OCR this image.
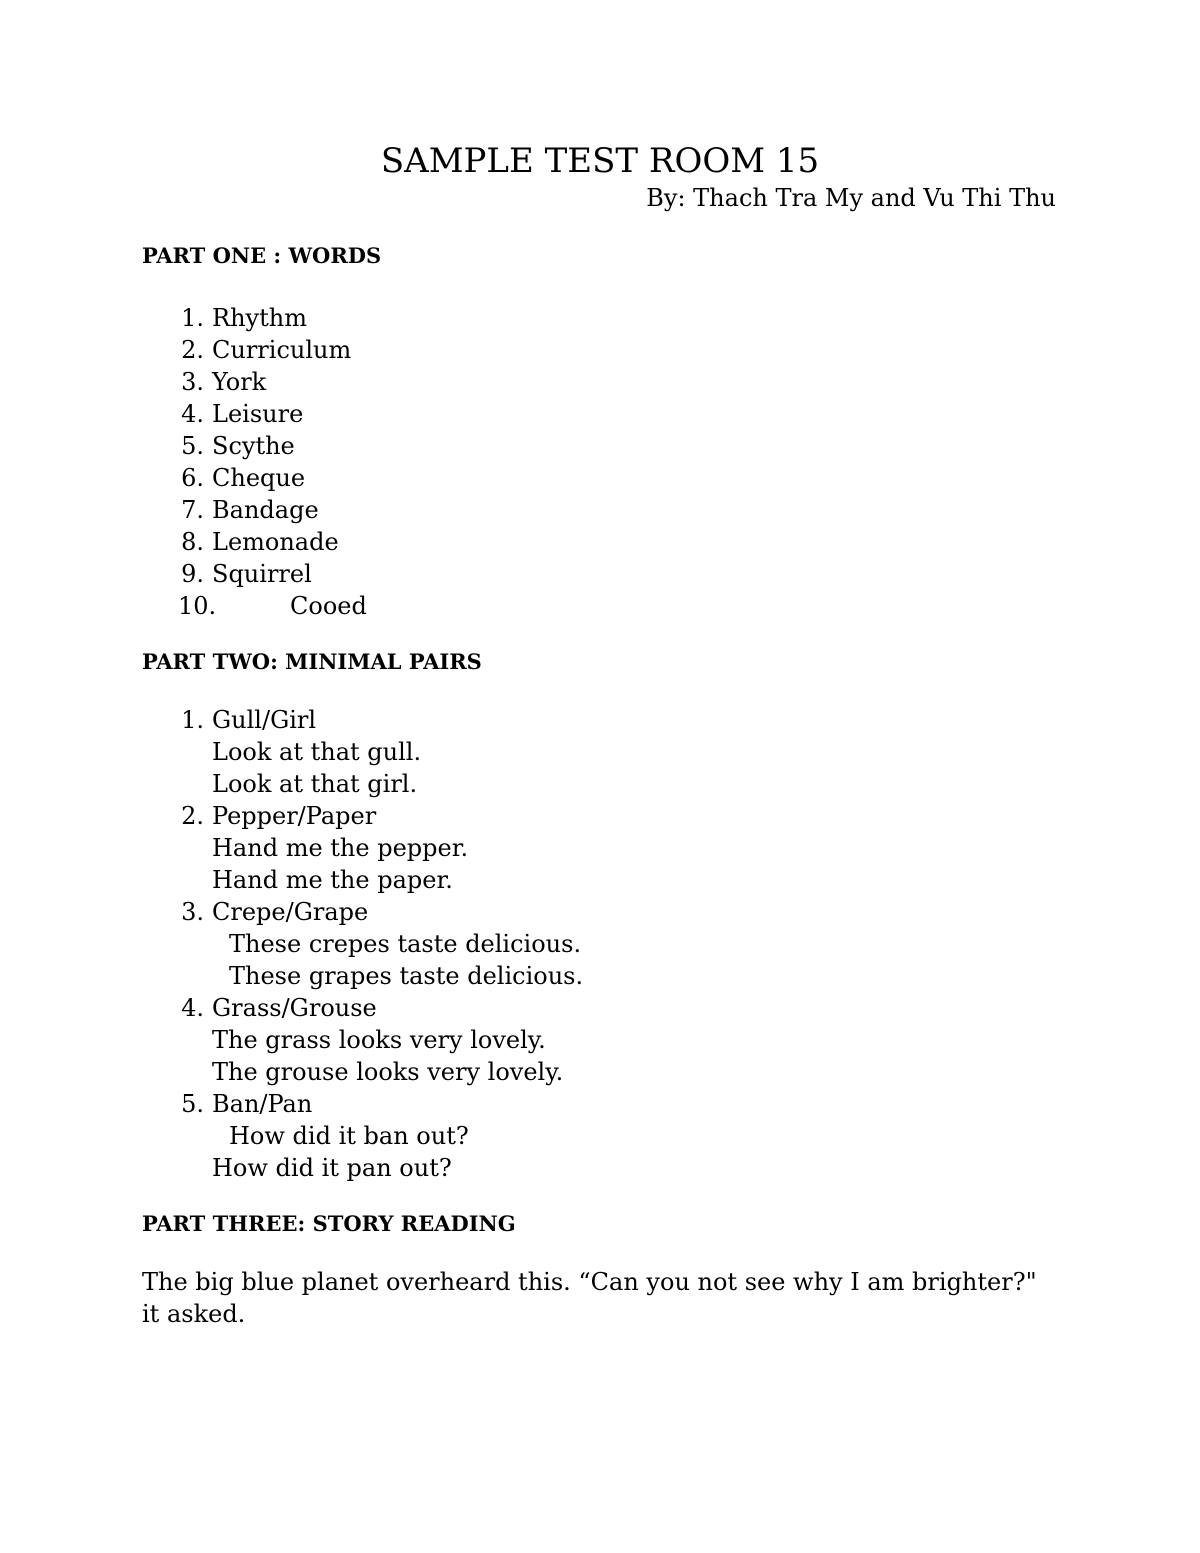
SAMPLE TEST ROOM 15

By: Thach Tra My and Vu Thi Thu

PART ONE : WORDS
1. Rhythm
2. Curriculum
3. York
4. Leisure
5. Scythe
6. Cheque
7. Bandage
8. Lemonade
9. Squirrel
10.	Cooed
PART TWO: MINIMAL PAIRS
1. Gull/Girl
Look at that gull.
Look at that girl.
2. Pepper/Paper
Hand me the pepper.
Hand me the paper.
3. Crepe/Grape
These crepes taste delicious.
These grapes taste delicious.
4. Grass/Grouse
The grass looks very lovely.
The grouse looks very lovely.
5. Ban/Pan
How did it ban out?
How did it pan out?
PART THREE: STORY READING

The big blue planet overheard this. “Can you not see why I am brighter?" it asked.
